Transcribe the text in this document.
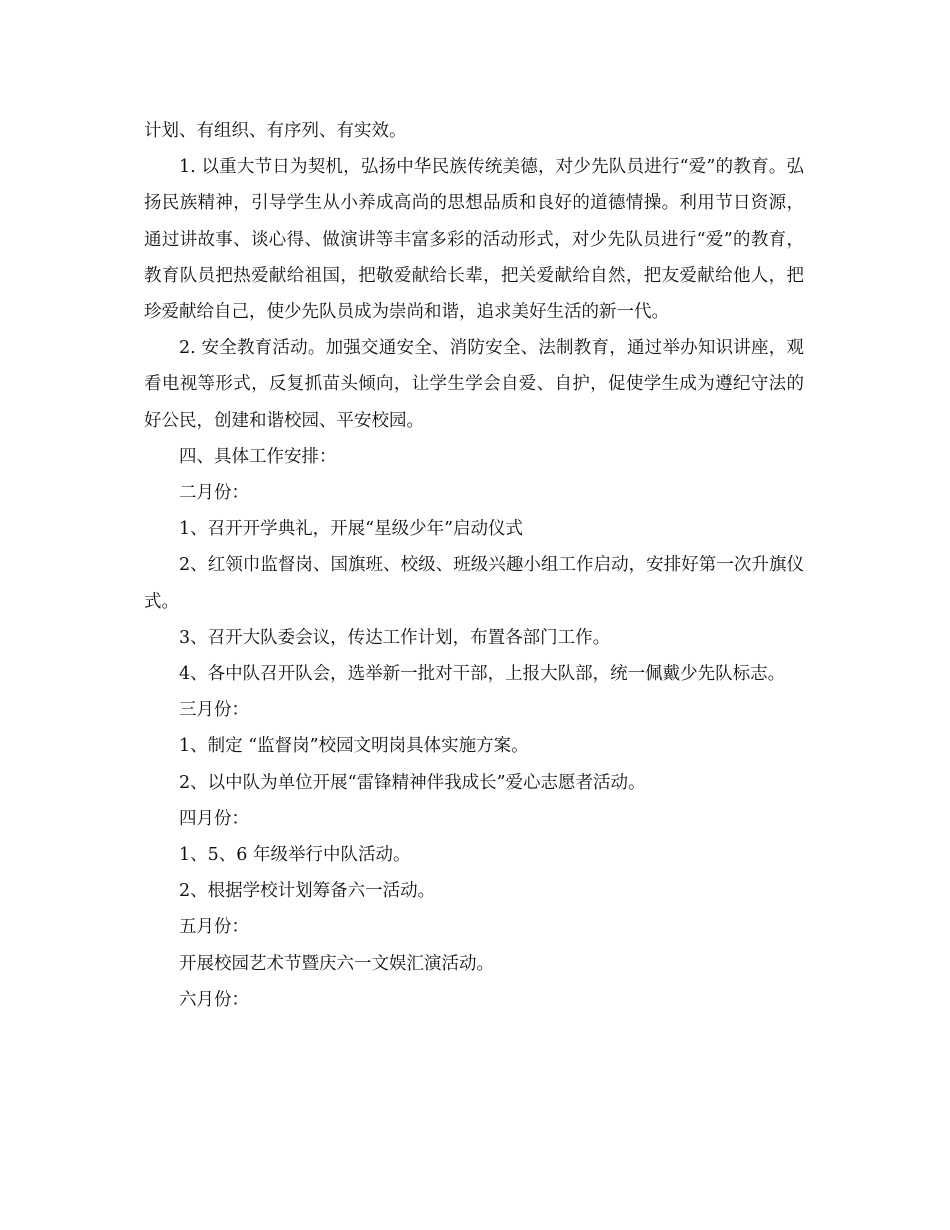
计划、有组织、有序列、有实效。

1. 以重大节日为契机，弘扬中华民族传统美德，对少先队员进行“爱”的教育。弘扬民族精神，引导学生从小养成高尚的思想品质和良好的道德情操。利用节日资源，通过讲故事、谈心得、做演讲等丰富多彩的活动形式，对少先队员进行“爱”的教育，教育队员把热爱献给祖国，把敬爱献给长辈，把关爱献给自然，把友爱献给他人，把珍爱献给自己，使少先队员成为崇尚和谐，追求美好生活的新一代。

2. 安全教育活动。加强交通安全、消防安全、法制教育，通过举办知识讲座，观看电视等形式，反复抓苗头倾向，让学生学会自爱、自护，促使学生成为遵纪守法的好公民，创建和谐校园、平安校园。

四、具体工作安排：

二月份：

1、召开开学典礼，开展“星级少年”启动仪式

2、红领巾监督岗、国旗班、校级、班级兴趣小组工作启动，安排好第一次升旗仪式。

3、召开大队委会议，传达工作计划，布置各部门工作。

4、各中队召开队会，选举新一批对干部，上报大队部，统一佩戴少先队标志。

三月份：

1、制定 “监督岗”校园文明岗具体实施方案。

2、以中队为单位开展“雷锋精神伴我成长”爱心志愿者活动。

四月份：

1、5、6 年级举行中队活动。

2、根据学校计划筹备六一活动。

五月份：

开展校园艺术节暨庆六一文娱汇演活动。

六月份：
